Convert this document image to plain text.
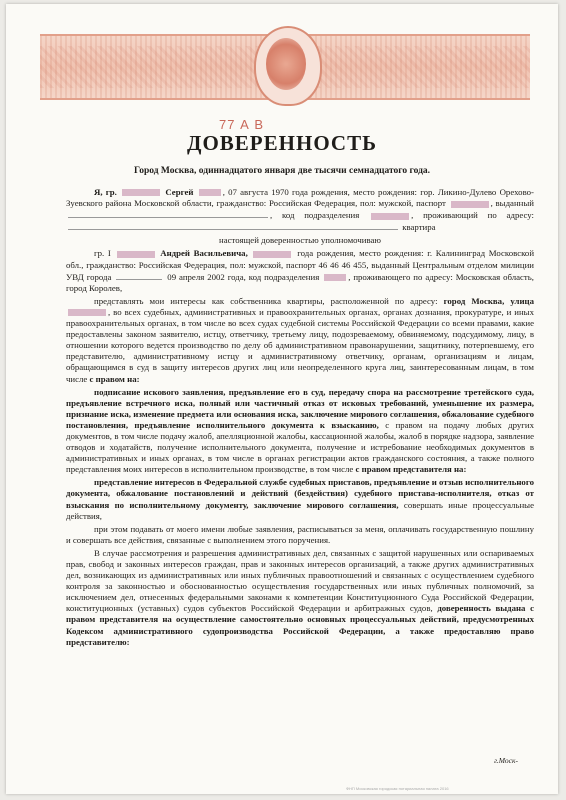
77 А В
ДОВЕРЕННОСТЬ
Город Москва, одиннадцатого января две тысячи семнадцатого года.

Я, гр.	Сергей	, 07 августа 1970 года рождения, место рождения: гор. Ликино-Дулево Орехово-Зуевского района Московской области, гражданство: Российская Федерация, пол: мужской, паспорт	, выданный , код подразделения	, проживающий по адресу:  квартира

настоящей доверенностью уполномочиваю

гр. I	Андрей Васильевича,	года рождения, место рождения: г. Калининград Московской обл., гражданство: Российская Федерация, пол: мужской, паспорт 46 46 46 455, выданный Центральным отделом милиции УВД города	09 апреля 2002 года, код подразделения	, проживающего по адресу: Московская область, город Королев,

представлять мои интересы как собственника квартиры, расположенной по адресу: город Москва, улица , во всех судебных, административных и правоохранительных органах, органах дознания, прокуратуре, и иных правоохранительных органах, в том числе во всех судах судебной системы Российской Федерации со всеми правами, какие предоставлены законом заявителю, истцу, ответчику, третьему лицу, подозреваемому, обвиняемому, подсудимому, лицу, в отношении которого ведется производство по делу об административном правонарушении, защитнику, потерпевшему, его представителю, административному истцу и административному ответчику, органам, организациям и лицам, обращающимся в суд в защиту интересов других лиц или неопределенного круга лиц, заинтересованным лицам, в том числе с правом на:

подписание искового заявления, предъявление его в суд, передачу спора на рассмотрение третейского суда, предъявление встречного иска, полный или частичный отказ от исковых требований, уменьшение их размера, признание иска, изменение предмета или основания иска, заключение мирового соглашения, обжалование судебного постановления, предъявление исполнительного документа к взысканию, с правом на подачу любых других документов, в том числе подачу жалоб, апелляционной жалобы, кассационной жалобы, жалоб в порядке надзора, заявление отводов и ходатайств, получение исполнительного документа, получение и истребование необходимых документов в административных и иных органах, в том числе в органах регистрации актов гражданского состояния, а также полного представления моих интересов в исполнительном производстве, в том числе с правом представителя на:

представление интересов в Федеральной службе судебных приставов, предъявление и отзыв исполнительного документа, обжалование постановлений и действий (бездействия) судебного пристава-исполнителя, отказ от взыскания по исполнительному документу, заключение мирового соглашения, совершать иные процессуальные действия,

при этом подавать от моего имени любые заявления, расписываться за меня, оплачивать государственную пошлину и совершать все действия, связанные с выполнением этого поручения.

В случае рассмотрения и разрешения административных дел, связанных с защитой нарушенных или оспариваемых прав, свобод и законных интересов граждан, прав и законных интересов организаций, а также других административных дел, возникающих из административных или иных публичных правоотношений и связанных с осуществлением судебного контроля за законностью и обоснованностью осуществления государственных или иных публичных полномочий, за исключением дел, отнесенных федеральными законами к компетенции Конституционного Суда Российской Федерации, конституционных (уставных) судов субъектов Российской Федерации и арбитражных судов, доверенность выдана с правом представителя на осуществление самостоятельно основных процессуальных действий, предусмотренных Кодексом административного судопроизводства Российской Федерации, а также предоставляю право представителю:

г.Моск-
ФНП Московская городская нотариальная палата 2016
